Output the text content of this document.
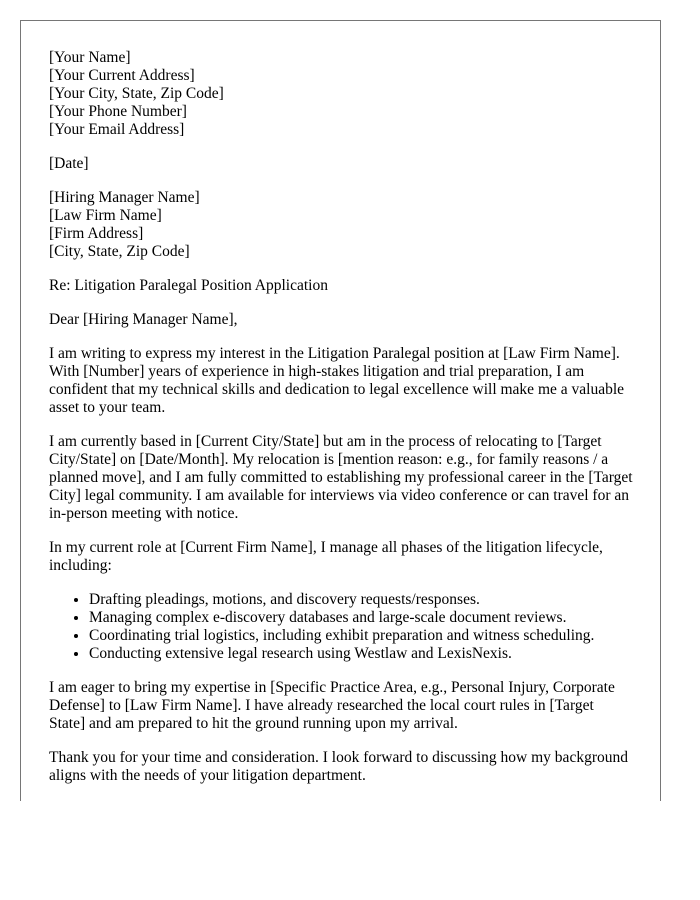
[Your Name]
[Your Current Address]
[Your City, State, Zip Code]
[Your Phone Number]
[Your Email Address]
[Date]
[Hiring Manager Name]
[Law Firm Name]
[Firm Address]
[City, State, Zip Code]

Re: Litigation Paralegal Position Application

Dear [Hiring Manager Name],

I am writing to express my interest in the Litigation Paralegal position at [Law Firm Name]. With [Number] years of experience in high-stakes litigation and trial preparation, I am confident that my technical skills and dedication to legal excellence will make me a valuable asset to your team.

I am currently based in [Current City/State] but am in the process of relocating to [Target City/State] on [Date/Month]. My relocation is [mention reason: e.g., for family reasons / a planned move], and I am fully committed to establishing my professional career in the [Target City] legal community. I am available for interviews via video conference or can travel for an in-person meeting with notice.

In my current role at [Current Firm Name], I manage all phases of the litigation lifecycle, including:

• Drafting pleadings, motions, and discovery requests/responses.
• Managing complex e-discovery databases and large-scale document reviews.
• Coordinating trial logistics, including exhibit preparation and witness scheduling.
• Conducting extensive legal research using Westlaw and LexisNexis.

I am eager to bring my expertise in [Specific Practice Area, e.g., Personal Injury, Corporate Defense] to [Law Firm Name]. I have already researched the local court rules in [Target State] and am prepared to hit the ground running upon my arrival.

Thank you for your time and consideration. I look forward to discussing how my background aligns with the needs of your litigation department.
